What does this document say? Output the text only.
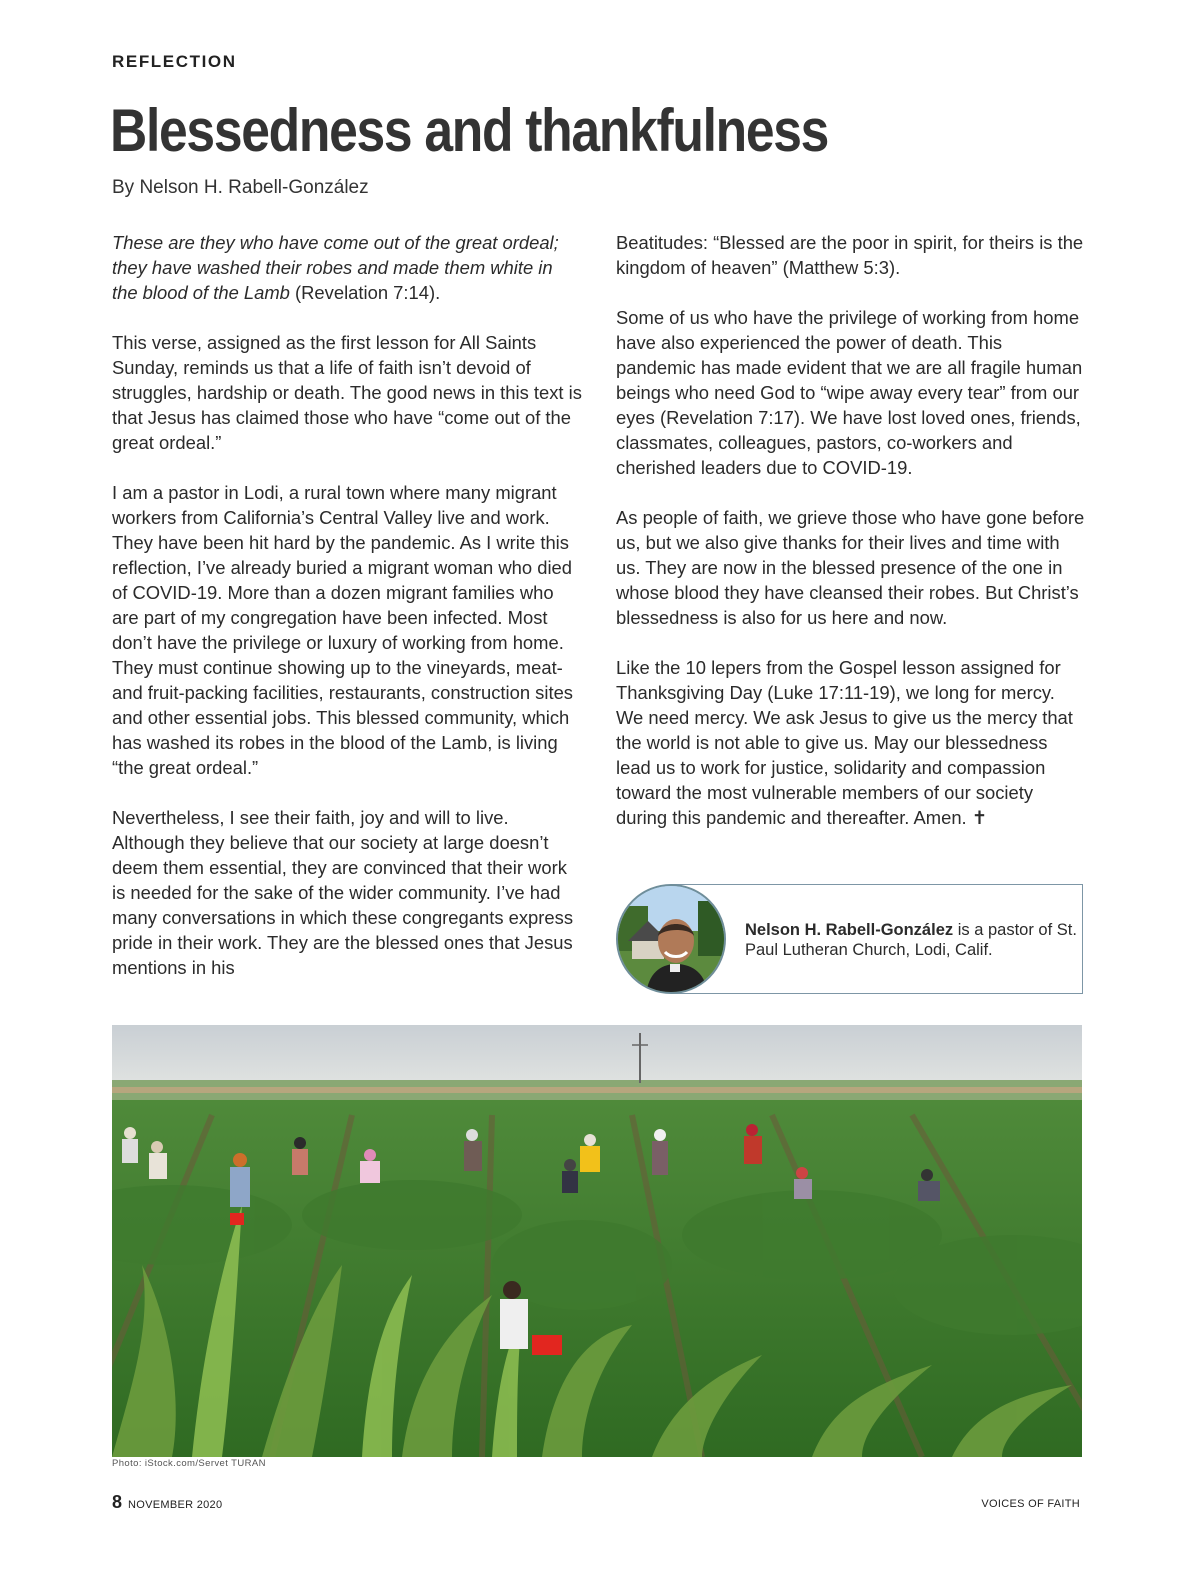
REFLECTION
Blessedness and thankfulness
By Nelson H. Rabell-González

These are they who have come out of the great ordeal; they have washed their robes and made them white in the blood of the Lamb (Revelation 7:14).

This verse, assigned as the first lesson for All Saints Sunday, reminds us that a life of faith isn’t devoid of struggles, hardship or death. The good news in this text is that Jesus has claimed those who have “come out of the great ordeal.”

I am a pastor in Lodi, a rural town where many migrant workers from California’s Central Valley live and work. They have been hit hard by the pandemic. As I write this reflection, I’ve already buried a migrant woman who died of COVID-19. More than a dozen migrant families who are part of my congregation have been infected. Most don’t have the privilege or luxury of working from home. They must continue showing up to the vineyards, meat- and fruit-packing facilities, restaurants, construction sites and other essential jobs. This blessed community, which has washed its robes in the blood of the Lamb, is living “the great ordeal.”

Nevertheless, I see their faith, joy and will to live. Although they believe that our society at large doesn’t deem them essential, they are convinced that their work is needed for the sake of the wider community. I’ve had many conversations in which these congregants express pride in their work. They are the blessed ones that Jesus mentions in his

Beatitudes: “Blessed are the poor in spirit, for theirs is the kingdom of heaven” (Matthew 5:3).

Some of us who have the privilege of working from home have also experienced the power of death. This pandemic has made evident that we are all fragile human beings who need God to “wipe away every tear” from our eyes (Revelation 7:17). We have lost loved ones, friends, classmates, colleagues, pastors, co-workers and cherished leaders due to COVID-19.

As people of faith, we grieve those who have gone before us, but we also give thanks for their lives and time with us. They are now in the blessed presence of the one in whose blood they have cleansed their robes. But Christ’s blessedness is also for us here and now.

Like the 10 lepers from the Gospel lesson assigned for Thanksgiving Day (Luke 17:11-19), we long for mercy. We need mercy. We ask Jesus to give us the mercy that the world is not able to give us. May our blessedness lead us to work for justice, solidarity and compassion toward the most vulnerable members of our society during this pandemic and thereafter. Amen. ✝

Nelson H. Rabell-González is a pastor of St. Paul Lutheran Church, Lodi, Calif.
Photo: iStock.com/Servet TURAN
8 NOVEMBER 2020	VOICES OF FAITH
